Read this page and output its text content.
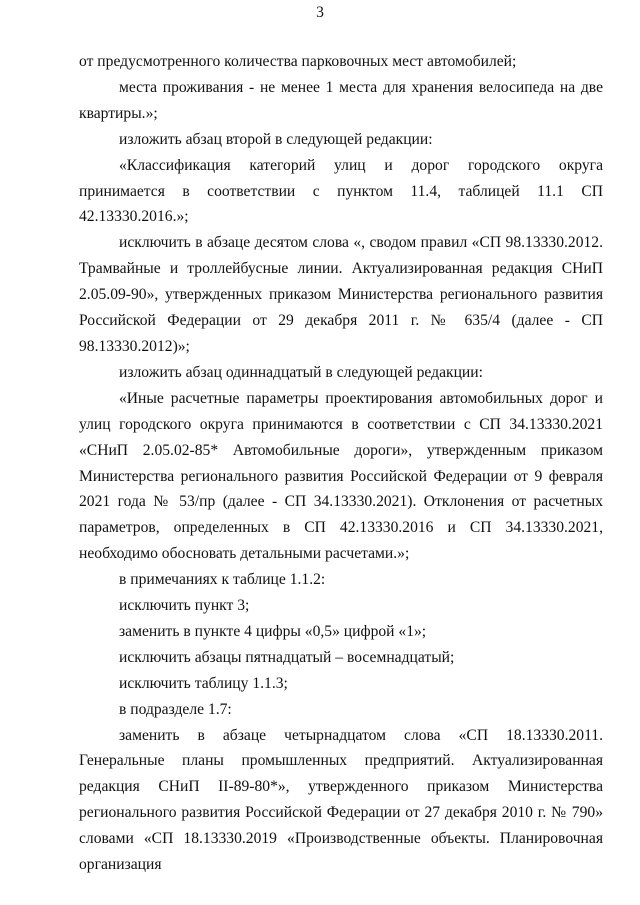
3

от предусмотренного количества парковочных мест автомобилей;

места проживания - не менее 1 места для хранения велосипеда на две квартиры.»;

изложить абзац второй в следующей редакции:

«Классификация категорий улиц и дорог городского округа принимается в соответствии с пунктом 11.4, таблицей 11.1 СП 42.13330.2016.»;

исключить в абзаце десятом слова «, сводом правил «СП 98.13330.2012. Трамвайные и троллейбусные линии. Актуализированная редакция СНиП 2.05.09-90», утвержденных приказом Министерства регионального развития Российской Федерации от 29 декабря 2011 г. № 635/4 (далее - СП 98.13330.2012)»;

изложить абзац одиннадцатый в следующей редакции:

«Иные расчетные параметры проектирования автомобильных дорог и улиц городского округа принимаются в соответствии с СП 34.13330.2021 «СНиП 2.05.02-85* Автомобильные дороги», утвержденным приказом Министерства регионального развития Российской Федерации от 9 февраля 2021 года № 53/пр (далее - СП 34.13330.2021). Отклонения от расчетных параметров, определенных в СП 42.13330.2016 и СП 34.13330.2021, необходимо обосновать детальными расчетами.»;

в примечаниях к таблице 1.1.2:

исключить пункт 3;

заменить в пункте 4 цифры «0,5» цифрой «1»;

исключить абзацы пятнадцатый – восемнадцатый;

исключить таблицу 1.1.3;

в подразделе 1.7:

заменить в абзаце четырнадцатом слова «СП 18.13330.2011. Генеральные планы промышленных предприятий. Актуализированная редакция СНиП II-89-80*», утвержденного приказом Министерства регионального развития Российской Федерации от 27 декабря 2010 г. № 790» словами «СП 18.13330.2019 «Производственные объекты. Планировочная организация
